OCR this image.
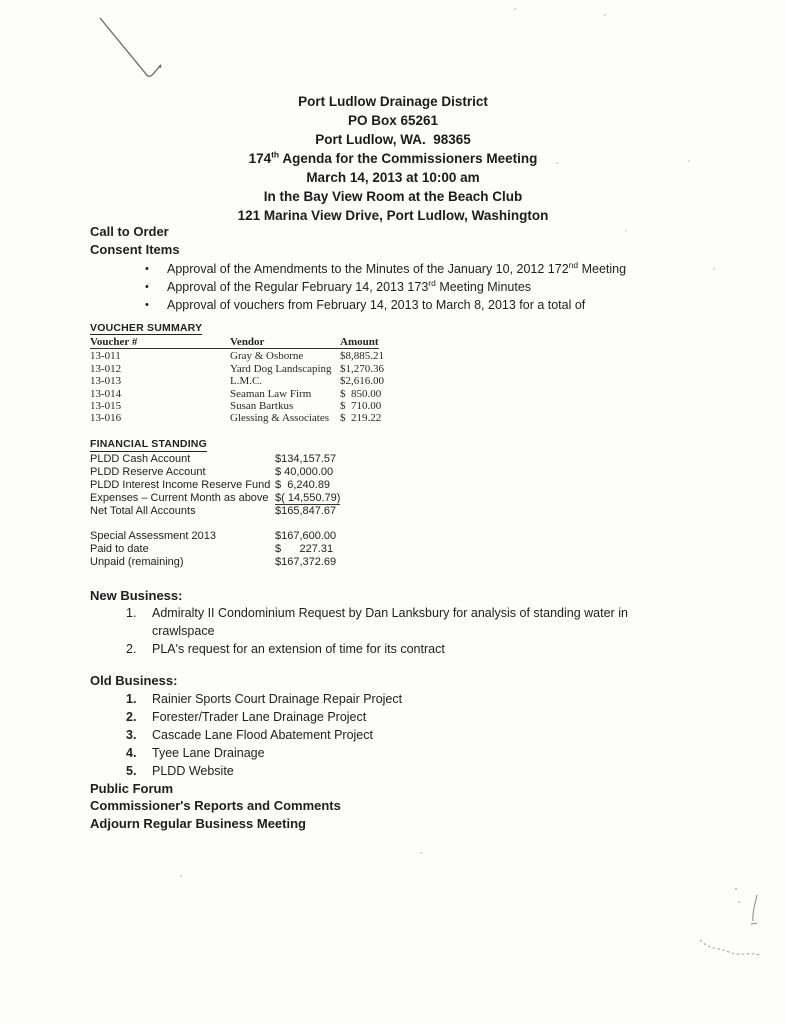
Port Ludlow Drainage District
PO Box 65261
Port Ludlow, WA.  98365
174th Agenda for the Commissioners Meeting
March 14, 2013 at 10:00 am
In the Bay View Room at the Beach Club
121 Marina View Drive, Port Ludlow, Washington
Call to Order
Consent Items
•	Approval of the Amendments to the Minutes of the January 10, 2012 172nd Meeting
•	Approval of the Regular February 14, 2013 173rd Meeting Minutes
•	Approval of vouchers from February 14, 2013 to March 8, 2013 for a total of
VOUCHER SUMMARY
Voucher #	Vendor	Amount
13-011	Gray & Osborne	$8,885.21
13-012	Yard Dog Landscaping $1,270.36
13-013	L.M.C.	$2,616.00
13-014	Seaman Law Firm	$  850.00
13-015	Susan Bartkus	$  710.00
13-016	Glessing & Associates	$  219.22
FINANCIAL STANDING
PLDD Cash Account	$134,157.57
PLDD Reserve Account	$ 40,000.00
PLDD Interest Income Reserve Fund $  6,240.89
Expenses – Current Month as above $( 14,550.79)
Net Total All Accounts	$165,847.67
Special Assessment 2013	$167,600.00
Paid to date	$      227.31
Unpaid (remaining)	$167,372.69
New Business:
1.	Admiralty II Condominium Request by Dan Lanksbury for analysis of standing water in crawlspace
2.	PLA's request for an extension of time for its contract
Old Business:
1.	Rainier Sports Court Drainage Repair Project
2.	Forester/Trader Lane Drainage Project
3.	Cascade Lane Flood Abatement Project
4.	Tyee Lane Drainage
5.	PLDD Website
Public Forum
Commissioner's Reports and Comments
Adjourn Regular Business Meeting
